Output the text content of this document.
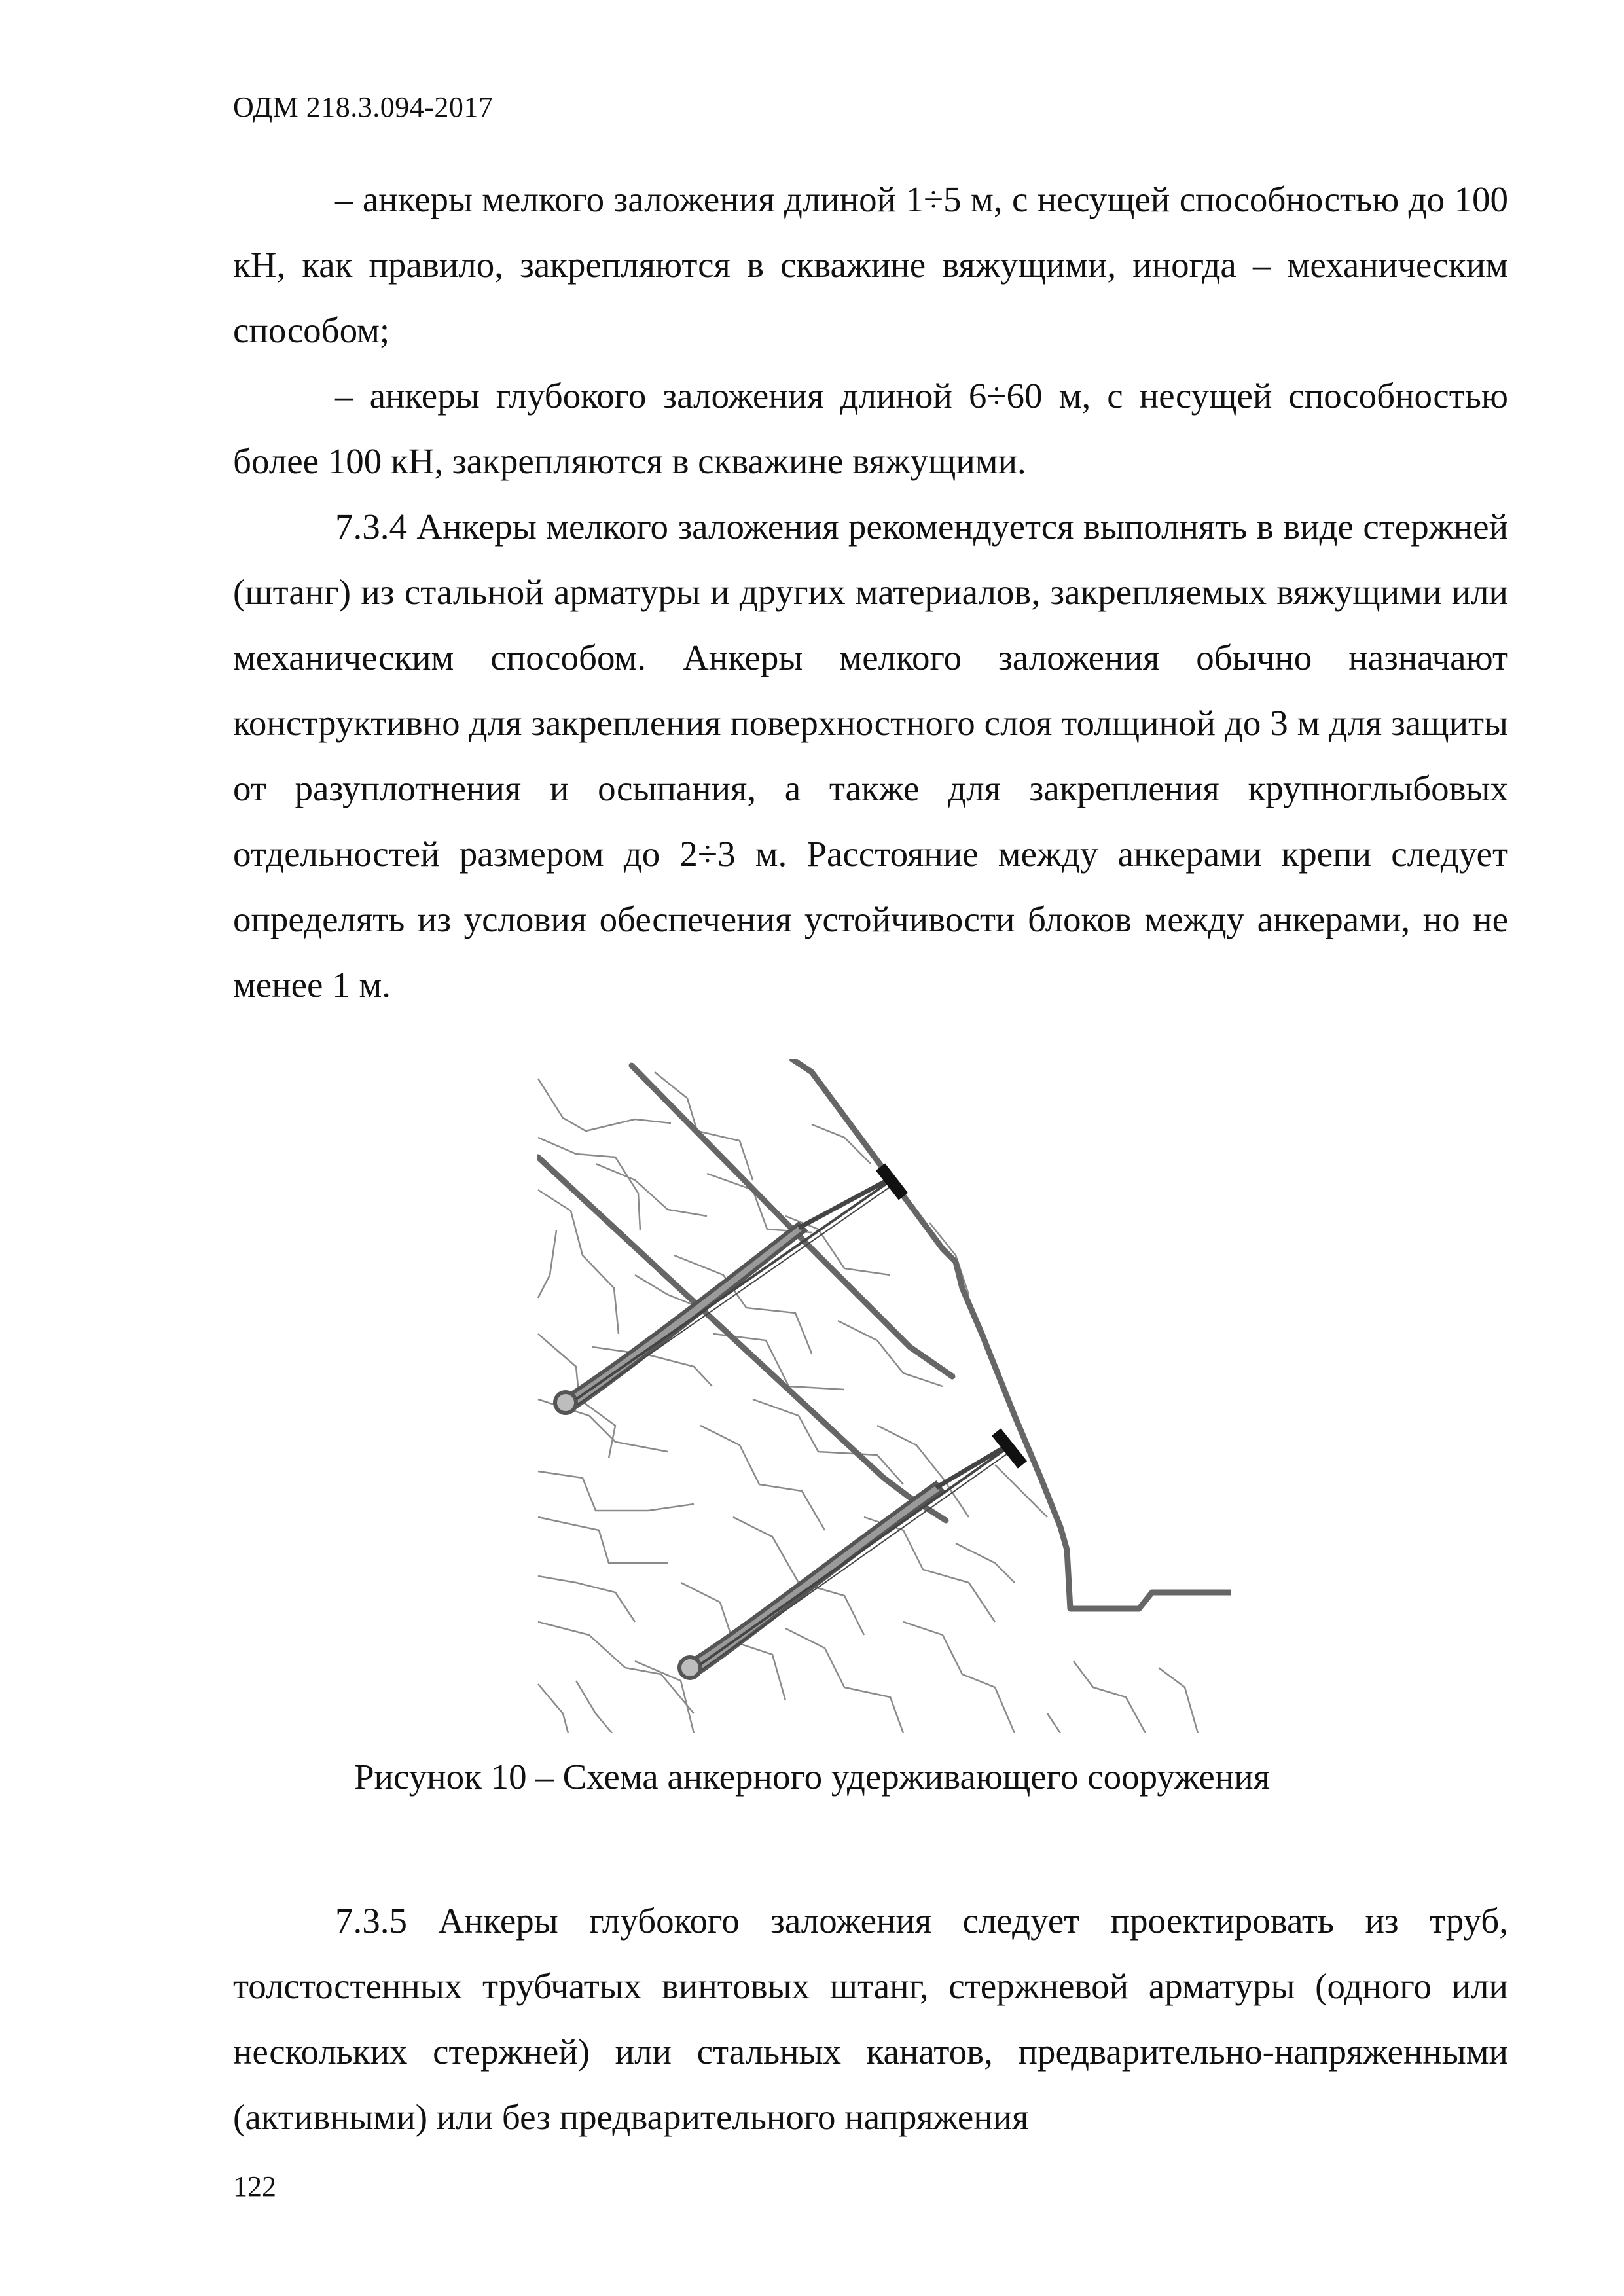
ОДМ 218.3.094-2017

– анкеры мелкого заложения длиной 1÷5 м, с несущей способностью до 100 кН, как правило, закрепляются в скважине вяжущими, иногда – механическим способом;

– анкеры глубокого заложения длиной 6÷60 м, с несущей способностью более 100 кН, закрепляются в скважине вяжущими.

7.3.4 Анкеры мелкого заложения рекомендуется выполнять в виде стержней (штанг) из стальной арматуры и других материалов, закрепляемых вяжущими или механическим способом. Анкеры мелкого заложения обычно назначают конструктивно для закрепления поверхностного слоя толщиной до 3 м для защиты от разуплотнения и осыпания, а также для закрепления крупноглыбовых отдельностей размером до 2÷3 м. Расстояние между анкерами крепи следует определять из условия обеспечения устойчивости блоков между анкерами, но не менее 1 м.

Рисунок 10 – Схема анкерного удерживающего сооружения

7.3.5 Анкеры глубокого заложения следует проектировать из труб, толстостенных трубчатых винтовых штанг, стержневой арматуры (одного или нескольких стержней) или стальных канатов, предварительно-напряженными (активными) или без предварительного напряжения

122
